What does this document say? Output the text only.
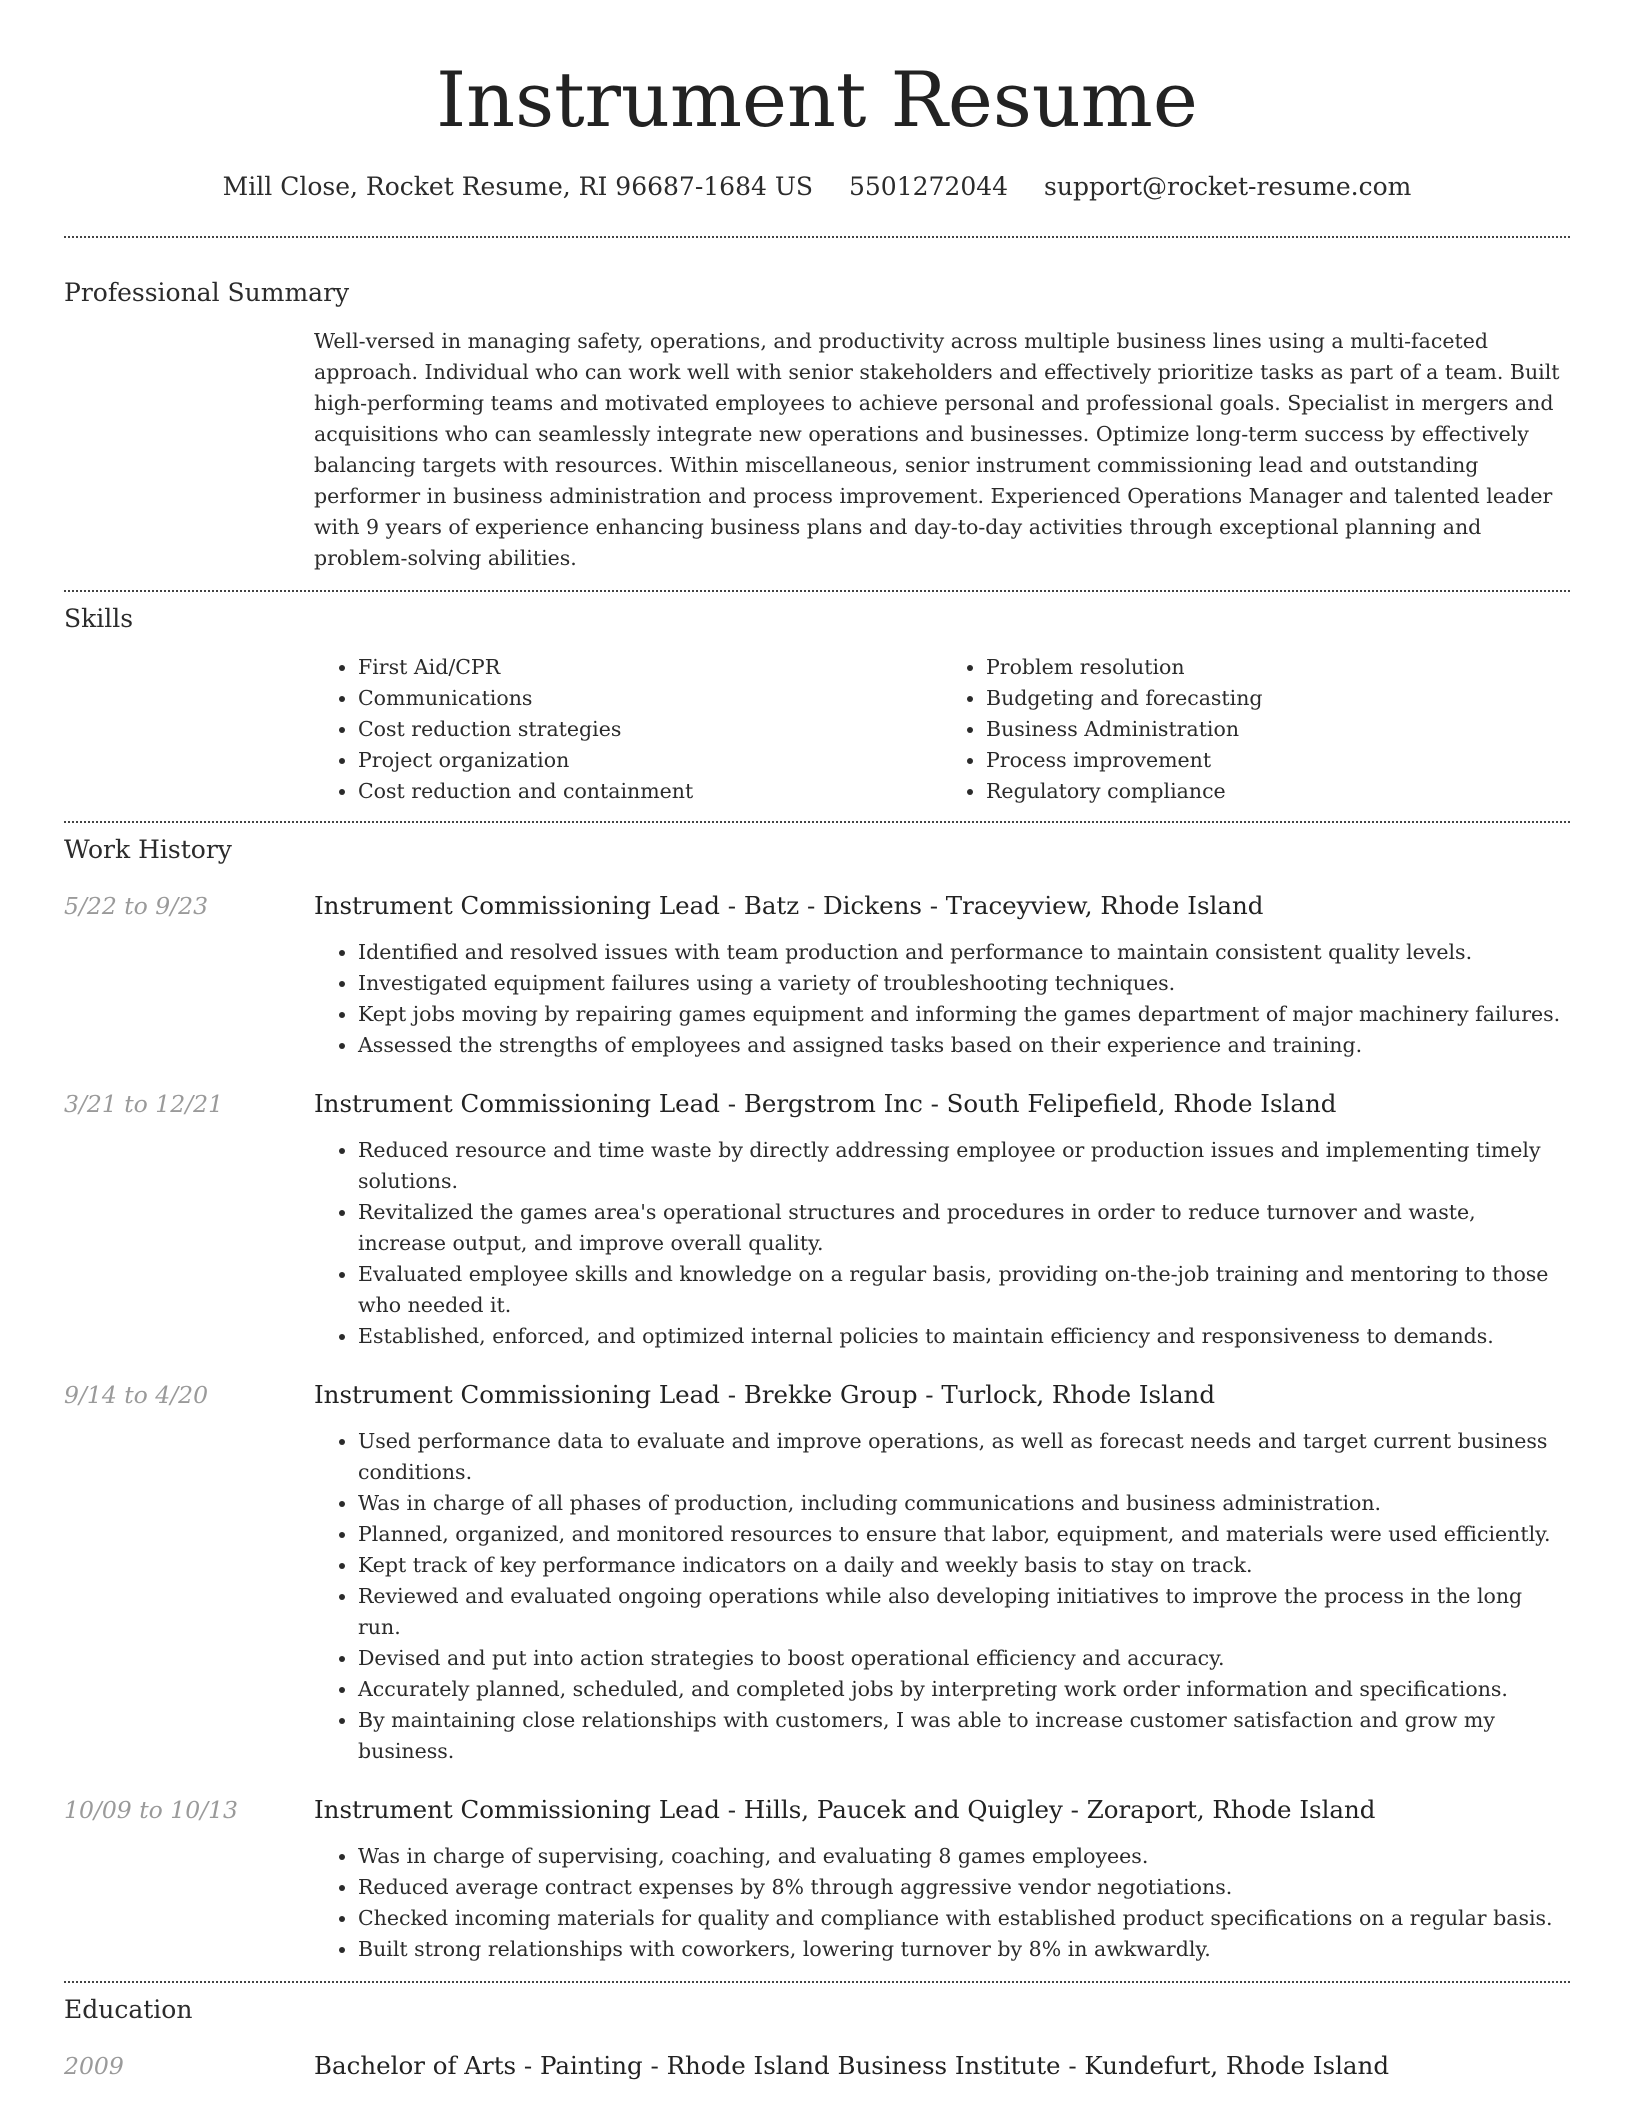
Instrument Resume
Mill Close, Rocket Resume, RI 96687-1684 US 5501272044 support@rocket-resume.com
Professional Summary
Well-versed in managing safety, operations, and productivity across multiple business lines using a multi-faceted approach. Individual who can work well with senior stakeholders and effectively prioritize tasks as part of a team. Built high-performing teams and motivated employees to achieve personal and professional goals. Specialist in mergers and acquisitions who can seamlessly integrate new operations and businesses. Optimize long-term success by effectively balancing targets with resources. Within miscellaneous, senior instrument commissioning lead and outstanding performer in business administration and process improvement. Experienced Operations Manager and talented leader with 9 years of experience enhancing business plans and day-to-day activities through exceptional planning and problem-solving abilities.
Skills
• First Aid/CPR
• Communications
• Cost reduction strategies
• Project organization
• Cost reduction and containment
• Problem resolution
• Budgeting and forecasting
• Business Administration
• Process improvement
• Regulatory compliance
Work History
5/22 to 9/23	Instrument Commissioning Lead - Batz - Dickens - Traceyview, Rhode Island
• Identified and resolved issues with team production and performance to maintain consistent quality levels.
• Investigated equipment failures using a variety of troubleshooting techniques.
• Kept jobs moving by repairing games equipment and informing the games department of major machinery failures.
• Assessed the strengths of employees and assigned tasks based on their experience and training.
3/21 to 12/21	Instrument Commissioning Lead - Bergstrom Inc - South Felipefield, Rhode Island
• Reduced resource and time waste by directly addressing employee or production issues and implementing timely solutions.
• Revitalized the games area's operational structures and procedures in order to reduce turnover and waste, increase output, and improve overall quality.
• Evaluated employee skills and knowledge on a regular basis, providing on-the-job training and mentoring to those who needed it.
• Established, enforced, and optimized internal policies to maintain efficiency and responsiveness to demands.
9/14 to 4/20	Instrument Commissioning Lead - Brekke Group - Turlock, Rhode Island
• Used performance data to evaluate and improve operations, as well as forecast needs and target current business conditions.
• Was in charge of all phases of production, including communications and business administration.
• Planned, organized, and monitored resources to ensure that labor, equipment, and materials were used efficiently.
• Kept track of key performance indicators on a daily and weekly basis to stay on track.
• Reviewed and evaluated ongoing operations while also developing initiatives to improve the process in the long run.
• Devised and put into action strategies to boost operational efficiency and accuracy.
• Accurately planned, scheduled, and completed jobs by interpreting work order information and specifications.
• By maintaining close relationships with customers, I was able to increase customer satisfaction and grow my business.
10/09 to 10/13	Instrument Commissioning Lead - Hills, Paucek and Quigley - Zoraport, Rhode Island
• Was in charge of supervising, coaching, and evaluating 8 games employees.
• Reduced average contract expenses by 8% through aggressive vendor negotiations.
• Checked incoming materials for quality and compliance with established product specifications on a regular basis.
• Built strong relationships with coworkers, lowering turnover by 8% in awkwardly.
Education
2009	Bachelor of Arts - Painting - Rhode Island Business Institute - Kundefurt, Rhode Island
